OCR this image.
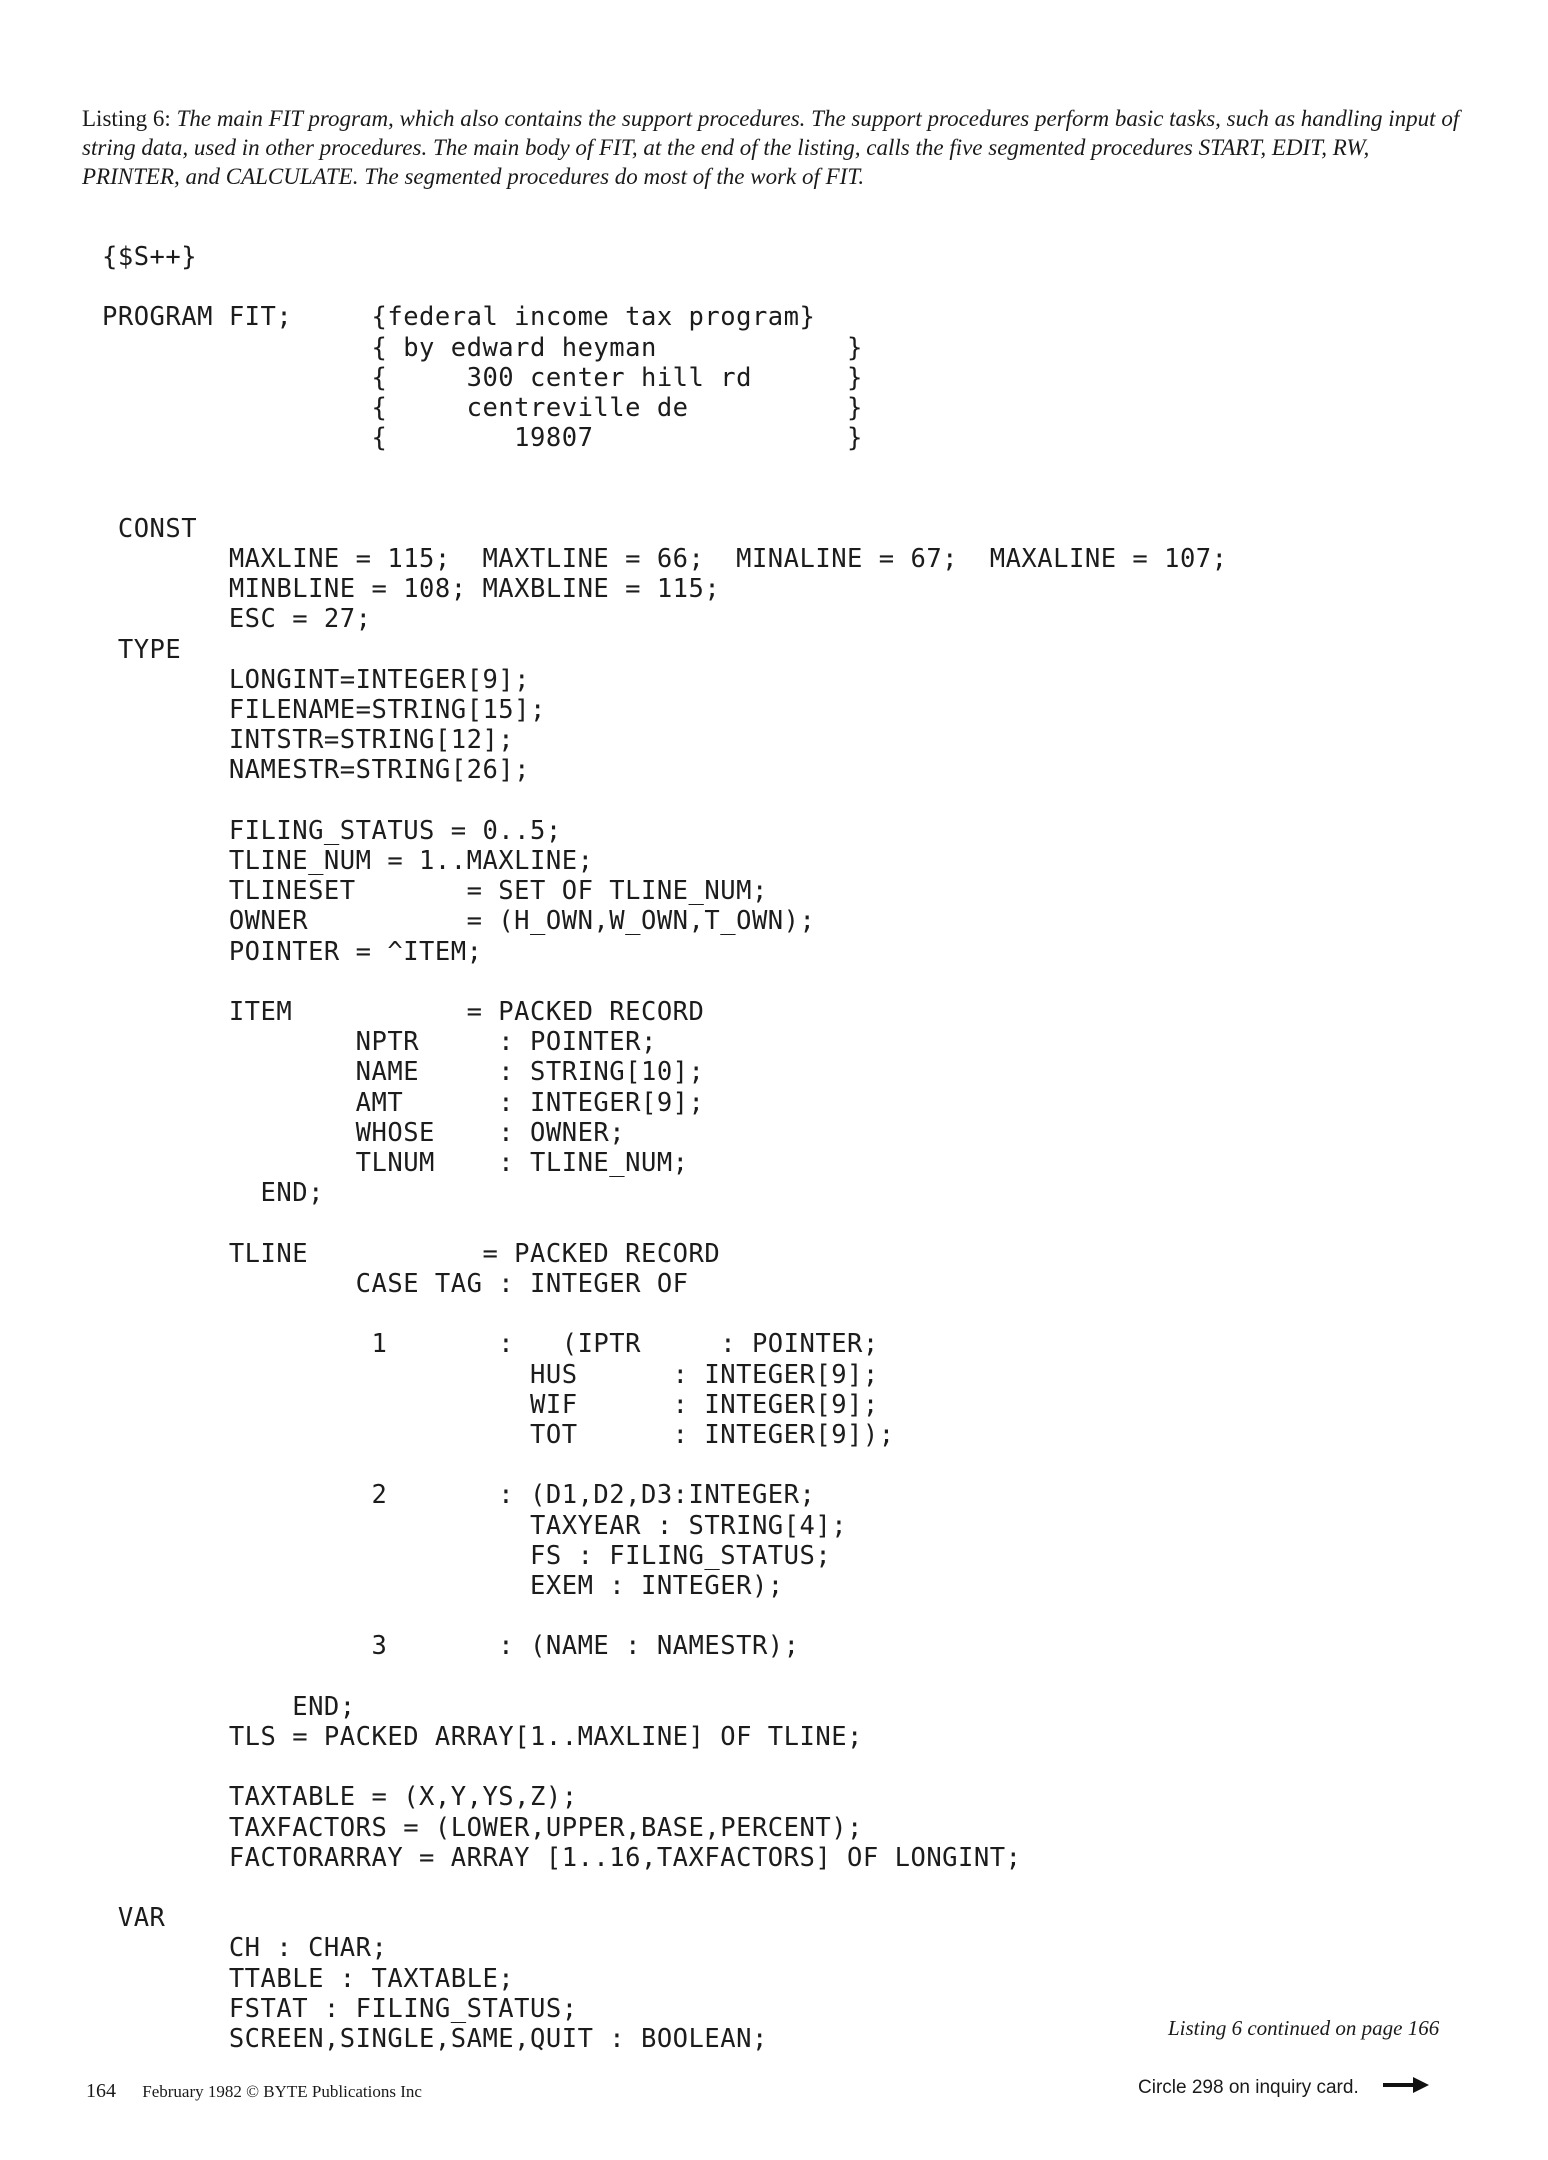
Listing 6: The main FIT program, which also contains the support procedures. The support procedures perform basic tasks, such as handling input of string data, used in other procedures. The main body of FIT, at the end of the listing, calls the five segmented procedures START, EDIT, RW, PRINTER, and CALCULATE. The segmented procedures do most of the work of FIT.
{$S++}

PROGRAM FIT;     {federal income tax program}
{ by edward heyman            }
{     300 center hill rd      }
{     centreville de          }
{        19807                }

CONST
MAXLINE = 115;  MAXTLINE = 66;  MINALINE = 67;  MAXALINE = 107;
MINBLINE = 108; MAXBLINE = 115;
ESC = 27;
TYPE
LONGINT=INTEGER[9];
FILENAME=STRING[15];
INTSTR=STRING[12];
NAMESTR=STRING[26];

FILING_STATUS = 0..5;
TLINE_NUM = 1..MAXLINE;
TLINESET       = SET OF TLINE_NUM;
OWNER          = (H_OWN,W_OWN,T_OWN);
POINTER = ^ITEM;

ITEM           = PACKED RECORD
NPTR     : POINTER;
NAME     : STRING[10];
AMT      : INTEGER[9];
WHOSE    : OWNER;
TLNUM    : TLINE_NUM;
END;

TLINE           = PACKED RECORD
CASE TAG : INTEGER OF

1       :   (IPTR     : POINTER;
HUS      : INTEGER[9];
WIF      : INTEGER[9];
TOT      : INTEGER[9]);

2       : (D1,D2,D3:INTEGER;
TAXYEAR : STRING[4];
FS : FILING_STATUS;
EXEM : INTEGER);

3       : (NAME : NAMESTR);

END;
TLS = PACKED ARRAY[1..MAXLINE] OF TLINE;

TAXTABLE = (X,Y,YS,Z);
TAXFACTORS = (LOWER,UPPER,BASE,PERCENT);
FACTORARRAY = ARRAY [1..16,TAXFACTORS] OF LONGINT;

VAR
CH : CHAR;
TTABLE : TAXTABLE;
FSTAT : FILING_STATUS;
SCREEN,SINGLE,SAME,QUIT : BOOLEAN;	Listing 6 continued on page 166
164 February 1982 © BYTE Publications Inc	Circle 298 on inquiry card.
